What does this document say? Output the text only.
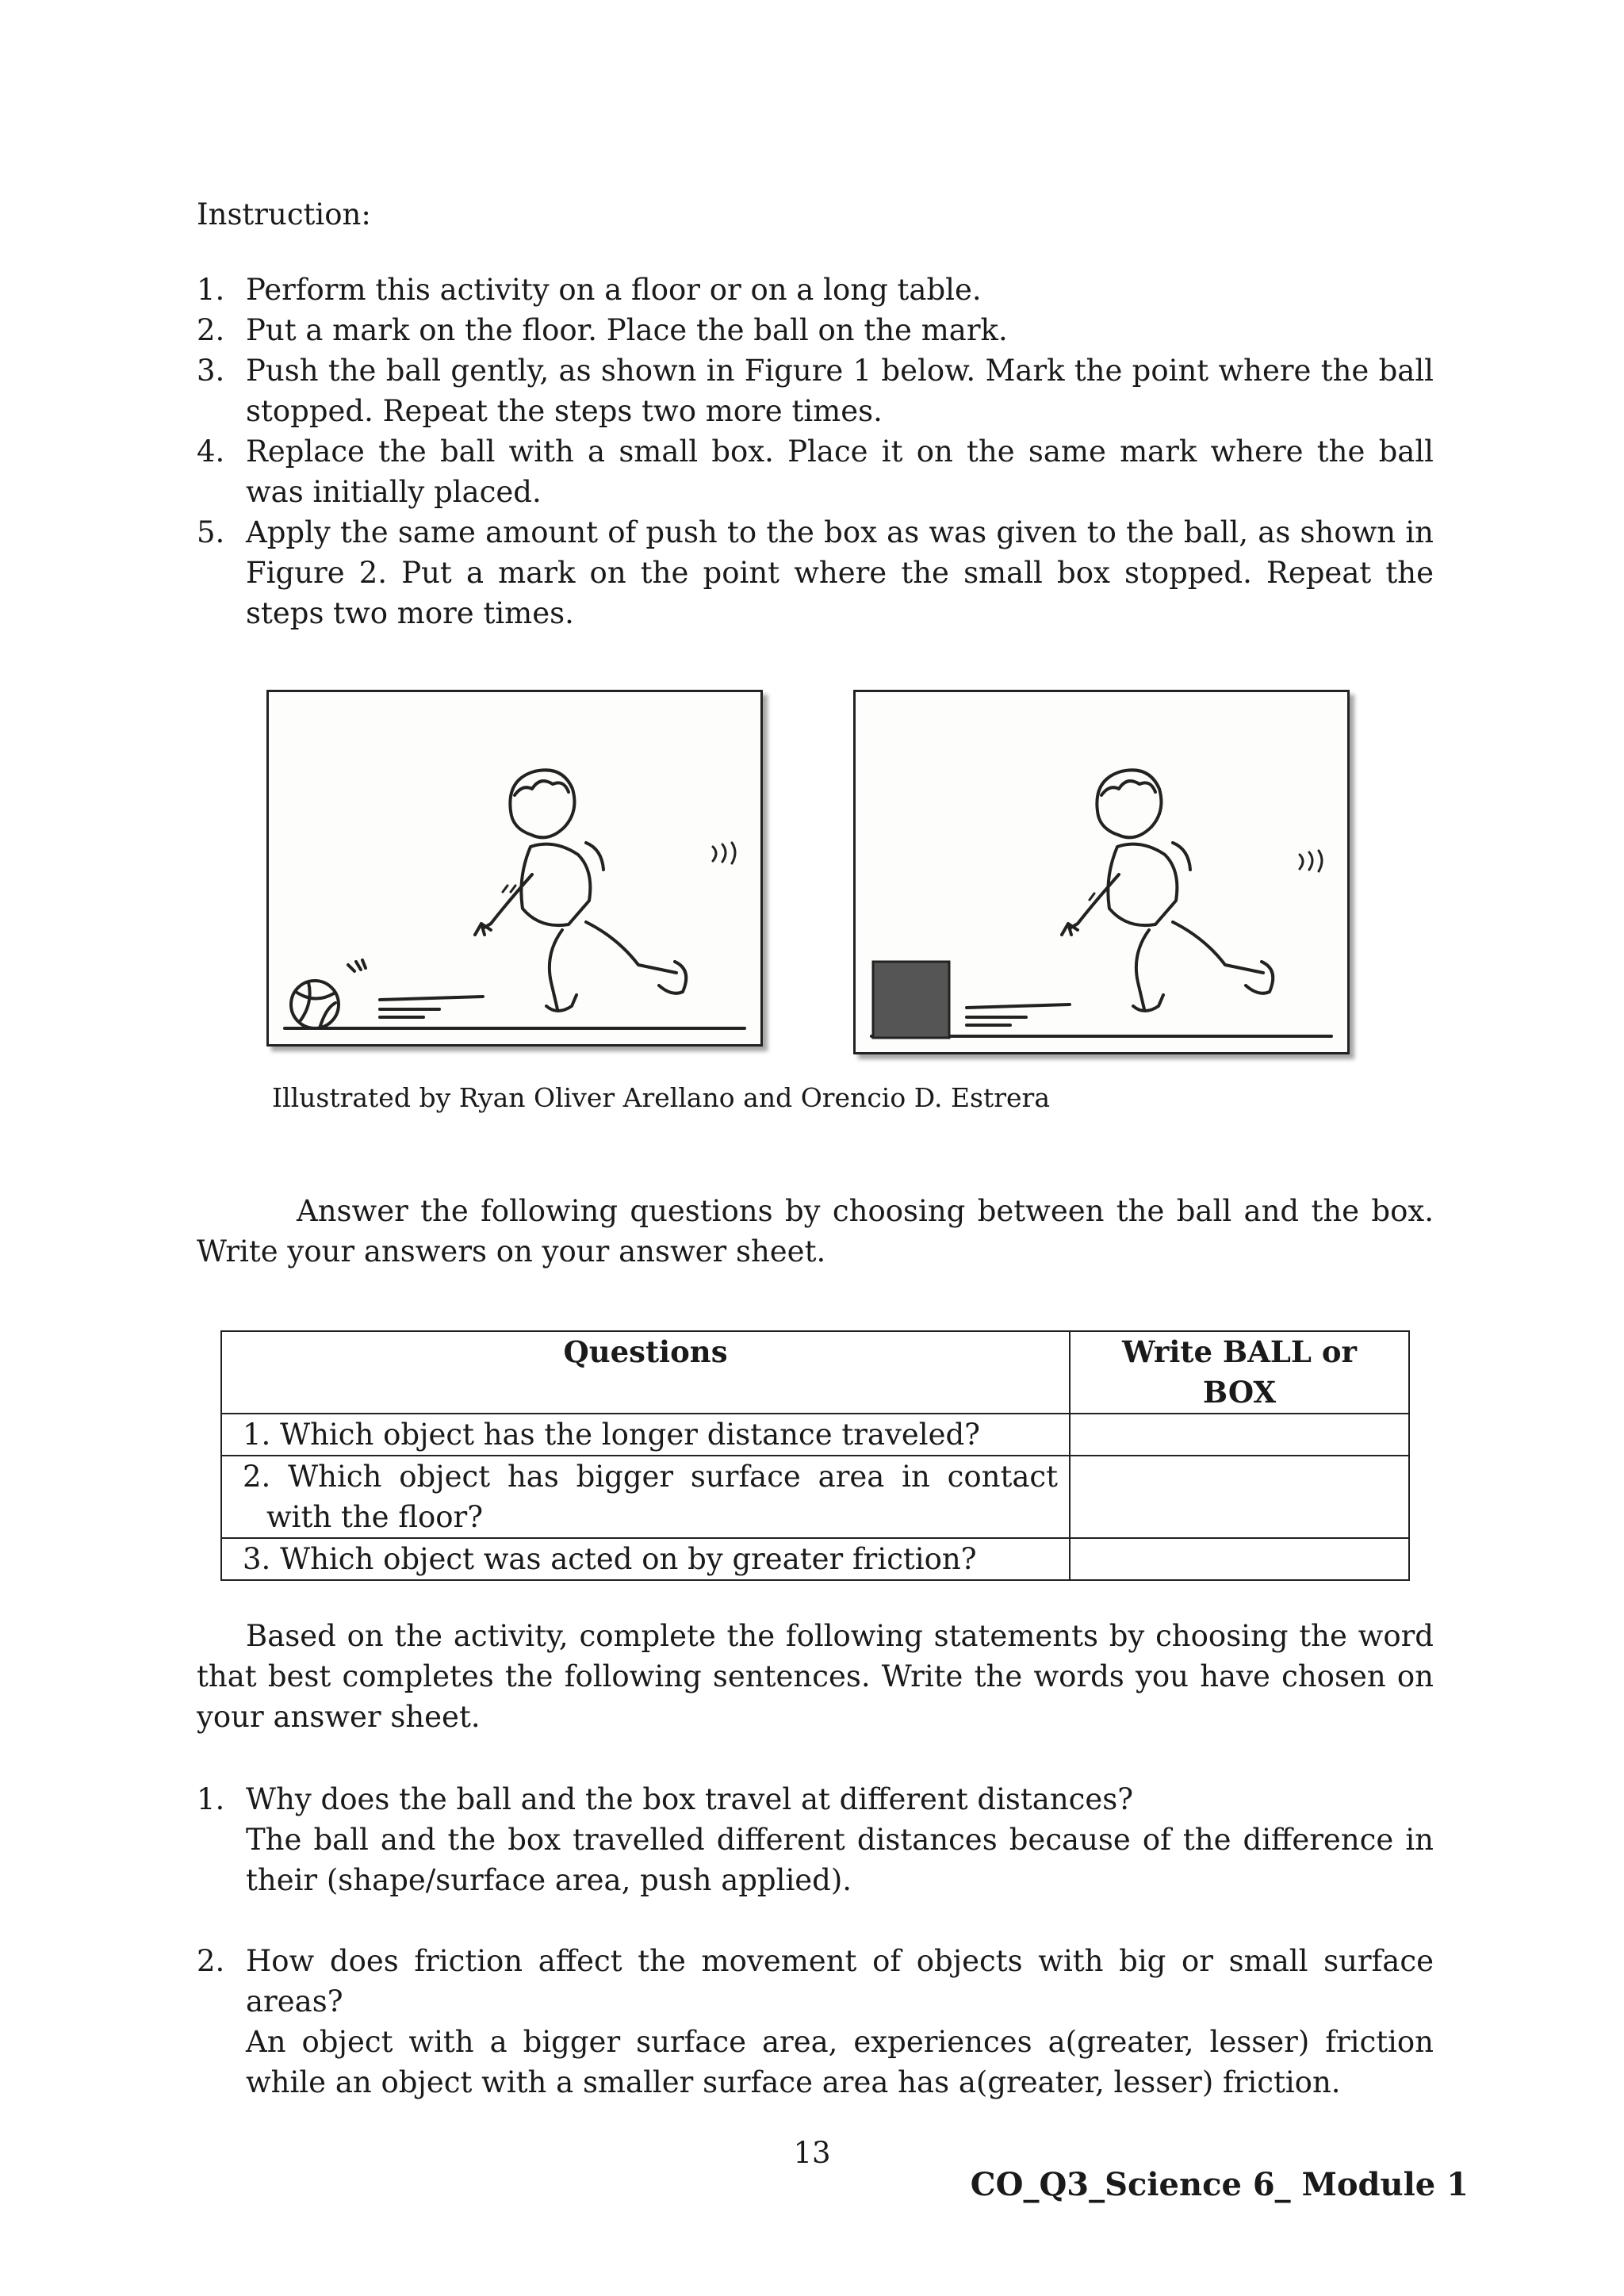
Instruction:
1. Perform this activity on a floor or on a long table.
2. Put a mark on the floor. Place the ball on the mark.
3. Push the ball gently, as shown in Figure 1 below. Mark the point where the ball stopped. Repeat the steps two more times.
4. Replace the ball with a small box. Place it on the same mark where the ball was initially placed.
5. Apply the same amount of push to the box as was given to the ball, as shown in Figure 2. Put a mark on the point where the small box stopped. Repeat the steps two more times.
Illustrated by Ryan Oliver Arellano and Orencio D. Estrera
Answer the following questions by choosing between the ball and the box. Write your answers on your answer sheet.
Questions	Write BALL or BOX

1. Which object has the longer distance traveled?	

2. Which object has bigger surface area in contact with the floor?	

3. Which object was acted on by greater friction?	

Based on the activity, complete the following statements by choosing the word that best completes the following sentences. Write the words you have chosen on your answer sheet.
1. Why does the ball and the box travel at different distances?
The ball and the box travelled different distances because of the difference in their (shape/surface area, push applied).
2. How does friction affect the movement of objects with big or small surface areas?
An object with a bigger surface area, experiences a(greater, lesser) friction while an object with a smaller surface area has a(greater, lesser) friction.
13
CO_Q3_Science 6_ Module 1
